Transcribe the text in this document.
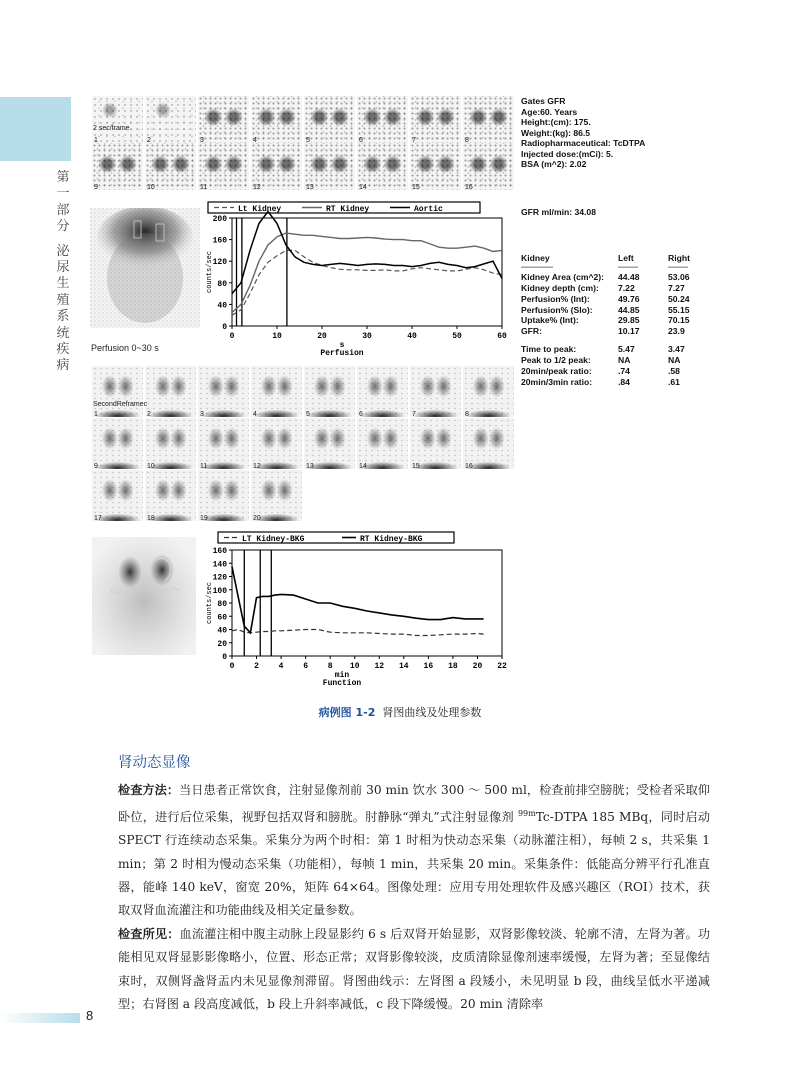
第
一
部
分
泌
尿
生
殖
系
统
疾
病
1	2	3	4	5	6	7	8
9	10	11	12	13	14	15	16
2 sec/frame
Gates GFR
Age:60. Years
Height:(cm): 175.
Weight:(kg): 86.5
Radiopharmaceutical: TcDTPA
Injected dose:(mCi): 5.
BSA (m^2): 2.02
GFR ml/min: 34.08
Kidney	Left	Right
----------------	----------	----------
Kidney Area (cm^2):	44.48	53.06
Kidney depth (cm):	7.22	7.27
Perfusion% (Int):	49.76	50.24
Perfusion% (Slo):	44.85	55.15
Uptake% (Int):	29.85	70.15
GFR:	10.17	23.9
Time to peak:	5.47	3.47
Peak to 1/2 peak:	NA	NA
20min/peak ratio:	.74	.58
20min/3min ratio:	.84	.61
Perfusion 0~30 s
Lt Kidney	RT Kidney	Aortic
0
40
80
120
160
200
0	10	20	30	40	50	60
counts/sec
s
Perfusion
1	2	3	4	5	6	7	8
9	10	11	12	13	14	15	16
17	18	19	20
SecondReframec
LT Kidney-BKG	RT Kidney-BKG
0
20
40
60
80
100
120
140
160
0 2 4 6 8 10 12 14 16 18 20 22
counts/sec
min
Function
病例图 1-2 肾图曲线及处理参数
肾动态显像

检查方法：当日患者正常饮食，注射显像剂前 30 min 饮水 300 ～ 500 ml，检查前排空膀胱；受检者采取仰卧位，进行后位采集，视野包括双肾和膀胱。肘静脉“弹丸”式注射显像剂 $^{99m}$Tc-DTPA 185 MBq，同时启动 SPECT 行连续动态采集。采集分为两个时相：第 1 时相为快动态采集（动脉灌注相），每帧 2 s，共采集 1 min；第 2 时相为慢动态采集（功能相），每帧 1 min，共采集 20 min。采集条件：低能高分辨平行孔准直器，能峰 140 keV，窗宽 20%，矩阵 64×64。图像处理：应用专用处理软件及感兴趣区（ROI）技术，获取双肾血流灌注和功能曲线及相关定量参数。

检查所见：血流灌注相中腹主动脉上段显影约 6 s 后双肾开始显影，双肾影像较淡、轮廓不清，左肾为著。功能相见双肾显影影像略小，位置、形态正常；双肾影像较淡，皮质清除显像剂速率缓慢，左肾为著；至显像结束时，双侧肾盏肾盂内未见显像剂滞留。肾图曲线示：左肾图 a 段矮小，未见明显 b 段，曲线呈低水平递减型；右肾图 a 段高度减低，b 段上升斜率减低，c 段下降缓慢。20 min 清除率

8
